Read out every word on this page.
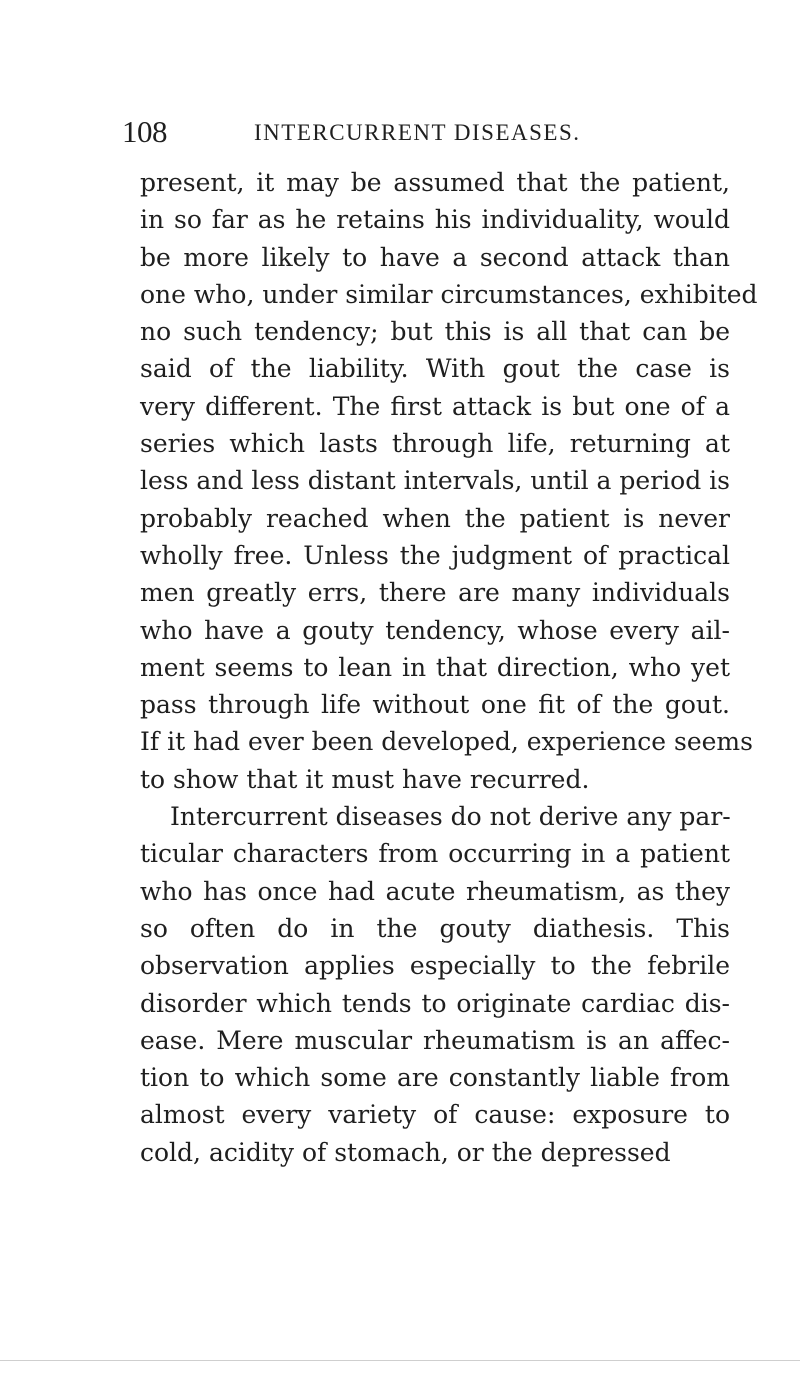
108	INTERCURRENT DISEASES.
present, it may be assumed that the patient,
in so far as he retains his individuality, would
be more likely to have a second attack than
one who, under similar circumstances, exhibited
no such tendency; but this is all that can be
said of the liability. With gout the case is
very different. The first attack is but one of a
series which lasts through life, returning at
less and less distant intervals, until a period is
probably reached when the patient is never
wholly free. Unless the judgment of practical
men greatly errs, there are many individuals
who have a gouty tendency, whose every ail-
ment seems to lean in that direction, who yet
pass through life without one fit of the gout.
If it had ever been developed, experience seems
to show that it must have recurred.
Intercurrent diseases do not derive any par-
ticular characters from occurring in a patient
who has once had acute rheumatism, as they
so often do in the gouty diathesis. This
observation applies especially to the febrile
disorder which tends to originate cardiac dis-
ease. Mere muscular rheumatism is an affec-
tion to which some are constantly liable from
almost every variety of cause: exposure to
cold, acidity of stomach, or the depressed
